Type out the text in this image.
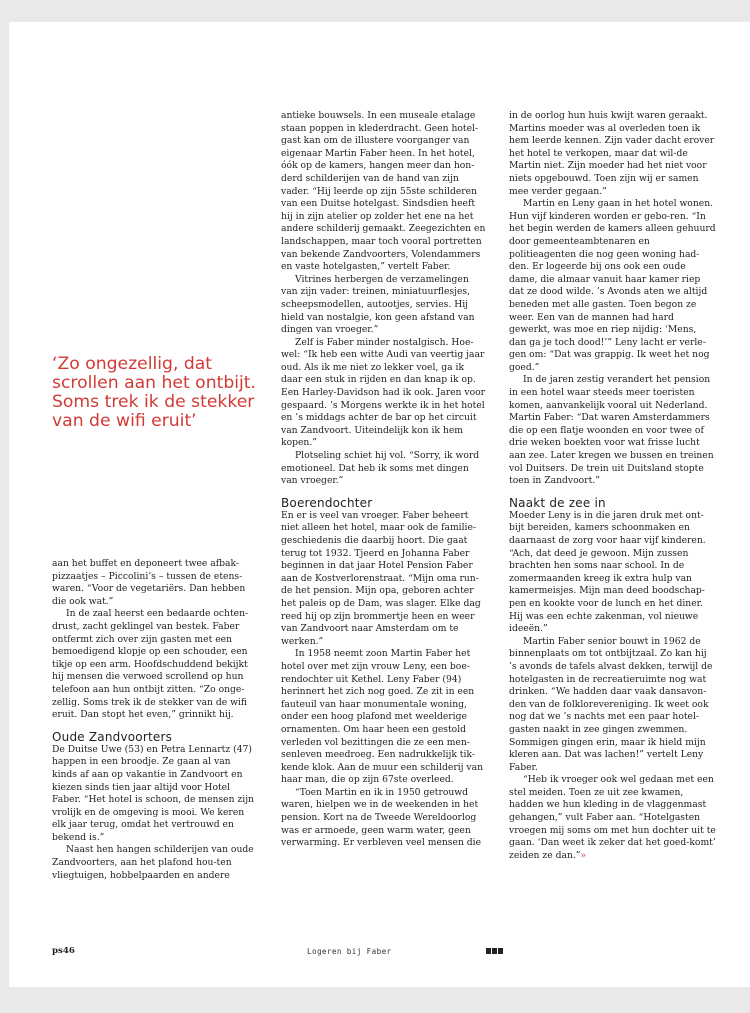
‘Zo ongezellig, dat scrollen aan het ontbijt. Soms trek ik de stekker van de wifi eruit’

aan het buffet en deponeert twee afbak-pizzaatjes – Piccolini’s – tussen de etens-waren. “Voor de vegetariërs. Dan hebben die ook wat.”

In de zaal heerst een bedaarde ochten-drust, zacht geklingel van bestek. Faber ontfermt zich over zijn gasten met een bemoedigend klopje op een schouder, een tikje op een arm. Hoofdschuddend bekijkt hij mensen die verwoed scrollend op hun telefoon aan hun ontbijt zitten. “Zo onge-zellig. Soms trek ik de stekker van de wifi eruit. Dan stopt het even,” grinnikt hij.

Oude Zandvoorters

De Duitse Uwe (53) en Petra Lennartz (47) happen in een broodje. Ze gaan al van kinds af aan op vakantie in Zandvoort en kiezen sinds tien jaar altijd voor Hotel Faber. “Het hotel is schoon, de mensen zijn vrolijk en de omgeving is mooi. We keren elk jaar terug, omdat het vertrouwd en bekend is.”

Naast hen hangen schilderijen van oude Zandvoorters, aan het plafond hou-ten vliegtuigen, hobbelpaarden en andere

antieke bouwsels. In een museale etalage staan poppen in klederdracht. Geen hotel-gast kan om de illustere voorganger van eigenaar Martin Faber heen. In het hotel, óók op de kamers, hangen meer dan hon-derd schilderijen van de hand van zijn vader. “Hij leerde op zijn 55ste schilderen van een Duitse hotelgast. Sindsdien heeft hij in zijn atelier op zolder het ene na het andere schilderij gemaakt. Zeegezichten en landschappen, maar toch vooral portretten van bekende Zandvoorters, Volendammers en vaste hotelgasten,” vertelt Faber.

Vitrines herbergen de verzamelingen van zijn vader: treinen, miniatuurflesjes, scheepsmodellen, autootjes, servies. Hij hield van nostalgie, kon geen afstand van dingen van vroeger.”

Zelf is Faber minder nostalgisch. Hoe-wel: “Ik heb een witte Audi van veertig jaar oud. Als ik me niet zo lekker voel, ga ik daar een stuk in rijden en dan knap ik op. Een Harley-Davidson had ik ook. Jaren voor gespaard. ’s Morgens werkte ik in het hotel en ’s middags achter de bar op het circuit van Zandvoort. Uiteindelijk kon ik hem kopen.”

Plotseling schiet hij vol. “Sorry, ik word emotioneel. Dat heb ik soms met dingen van vroeger.”

Boerendochter

En er is veel van vroeger. Faber beheert niet alleen het hotel, maar ook de familie-geschiedenis die daarbij hoort. Die gaat terug tot 1932. Tjeerd en Johanna Faber beginnen in dat jaar Hotel Pension Faber aan de Kostverlorenstraat. “Mijn oma run-de het pension. Mijn opa, geboren achter het paleis op de Dam, was slager. Elke dag reed hij op zijn brommertje heen en weer van Zandvoort naar Amsterdam om te werken.”

In 1958 neemt zoon Martin Faber het hotel over met zijn vrouw Leny, een boe-rendochter uit Kethel. Leny Faber (94) herinnert het zich nog goed. Ze zit in een fauteuil van haar monumentale woning, onder een hoog plafond met weelderige ornamenten. Om haar heen een gestold verleden vol bezittingen die ze een men-senleven meedroeg. Een nadrukkelijk tik-kende klok. Aan de muur een schilderij van haar man, die op zijn 67ste overleed.

“Toen Martin en ik in 1950 getrouwd waren, hielpen we in de weekenden in het pension. Kort na de Tweede Wereldoorlog was er armoede, geen warm water, geen verwarming. Er verbleven veel mensen die

in de oorlog hun huis kwijt waren geraakt. Martins moeder was al overleden toen ik hem leerde kennen. Zijn vader dacht erover het hotel te verkopen, maar dat wil-de Martin niet. Zijn moeder had het niet voor niets opgebouwd. Toen zijn wij er samen mee verder gegaan.”

Martin en Leny gaan in het hotel wonen. Hun vijf kinderen worden er gebo-ren. “In het begin werden de kamers alleen gehuurd door gemeenteambtenaren en politieagenten die nog geen woning had-den. Er logeerde bij ons ook een oude dame, die almaar vanuit haar kamer riep dat ze dood wilde. ’s Avonds aten we altijd beneden met alle gasten. Toen begon ze weer. Een van de mannen had hard gewerkt, was moe en riep nijdig: ‘Mens, dan ga je toch dood!’” Leny lacht er verle-gen om: “Dat was grappig. Ik weet het nog goed.”

In de jaren zestig verandert het pension in een hotel waar steeds meer toeristen komen, aanvankelijk vooral uit Nederland. Martin Faber: “Dat waren Amsterdammers die op een flatje woonden en voor twee of drie weken boekten voor wat frisse lucht aan zee. Later kregen we bussen en treinen vol Duitsers. De trein uit Duitsland stopte toen in Zandvoort.”

Naakt de zee in

Moeder Leny is in die jaren druk met ont-bijt bereiden, kamers schoonmaken en daarnaast de zorg voor haar vijf kinderen. “Ach, dat deed je gewoon. Mijn zussen brachten hen soms naar school. In de zomermaanden kreeg ik extra hulp van kamermeisjes. Mijn man deed boodschap-pen en kookte voor de lunch en het diner. Hij was een echte zakenman, vol nieuwe ideeën.”

Martin Faber senior bouwt in 1962 de binnenplaats om tot ontbijtzaal. Zo kan hij ’s avonds de tafels alvast dekken, terwijl de hotelgasten in de recreatieruimte nog wat drinken. “We hadden daar vaak dansavon-den van de folklorevereniging. Ik weet ook nog dat we ’s nachts met een paar hotel-gasten naakt in zee gingen zwemmen. Sommigen gingen erin, maar ik hield mijn kleren aan. Dat was lachen!” vertelt Leny Faber.

“Heb ik vroeger ook wel gedaan met een stel meiden. Toen ze uit zee kwamen, hadden we hun kleding in de vlaggenmast gehangen,” vult Faber aan. “Hotelgasten vroegen mij soms om met hun dochter uit te gaan. ‘Dan weet ik zeker dat het goed-komt’ zeiden ze dan.”»

ps46	Logeren bij Faber
